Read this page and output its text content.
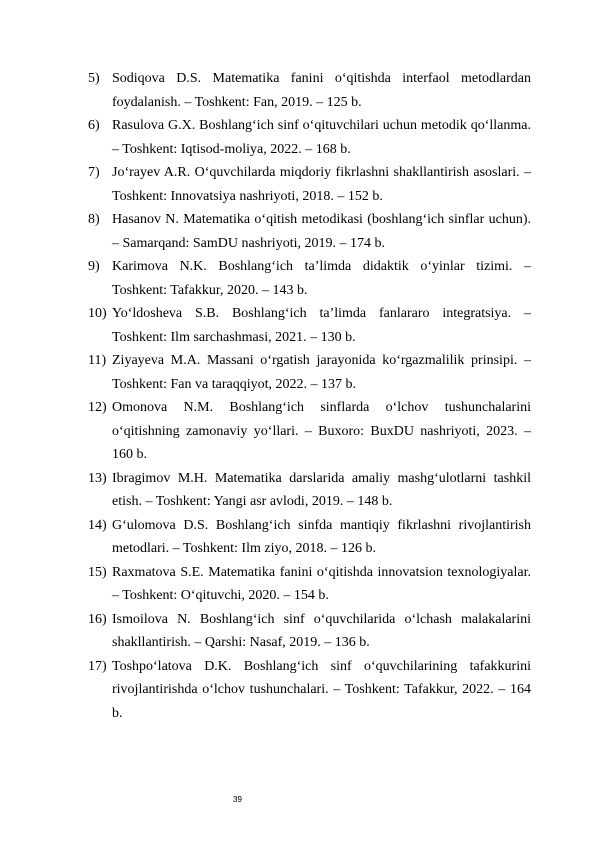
5) Sodiqova D.S. Matematika fanini o‘qitishda interfaol metodlardan foydalanish. – Toshkent: Fan, 2019. – 125 b.
6) Rasulova G.X. Boshlang‘ich sinf o‘qituvchilari uchun metodik qo‘llanma. – Toshkent: Iqtisod-moliya, 2022. – 168 b.
7) Jo‘rayev A.R. O‘quvchilarda miqdoriy fikrlashni shakllantirish asoslari. – Toshkent: Innovatsiya nashriyoti, 2018. – 152 b.
8) Hasanov N. Matematika o‘qitish metodikasi (boshlang‘ich sinflar uchun). – Samarqand: SamDU nashriyoti, 2019. – 174 b.
9) Karimova N.K. Boshlang‘ich ta’limda didaktik o‘yinlar tizimi. – Toshkent: Tafakkur, 2020. – 143 b.
10) Yo‘ldosheva S.B. Boshlang‘ich ta’limda fanlararo integratsiya. – Toshkent: Ilm sarchashmasi, 2021. – 130 b.
11) Ziyayeva M.A. Massani o‘rgatish jarayonida ko‘rgazmalilik prinsipi. – Toshkent: Fan va taraqqiyot, 2022. – 137 b.
12) Omonova N.M. Boshlang‘ich sinflarda o‘lchov tushunchalarini o‘qitishning zamonaviy yo‘llari. – Buxoro: BuxDU nashriyoti, 2023. – 160 b.
13) Ibragimov M.H. Matematika darslarida amaliy mashg‘ulotlarni tashkil etish. – Toshkent: Yangi asr avlodi, 2019. – 148 b.
14) G‘ulomova D.S. Boshlang‘ich sinfda mantiqiy fikrlashni rivojlantirish metodlari. – Toshkent: Ilm ziyo, 2018. – 126 b.
15) Raxmatova S.E. Matematika fanini o‘qitishda innovatsion texnologiyalar. – Toshkent: O‘qituvchi, 2020. – 154 b.
16) Ismoilova N. Boshlang‘ich sinf o‘quvchilarida o‘lchash malakalarini shakllantirish. – Qarshi: Nasaf, 2019. – 136 b.
17) Toshpo‘latova D.K. Boshlang‘ich sinf o‘quvchilarining tafakkurini rivojlantirishda o‘lchov tushunchalari. – Toshkent: Tafakkur, 2022. – 164 b.
39
